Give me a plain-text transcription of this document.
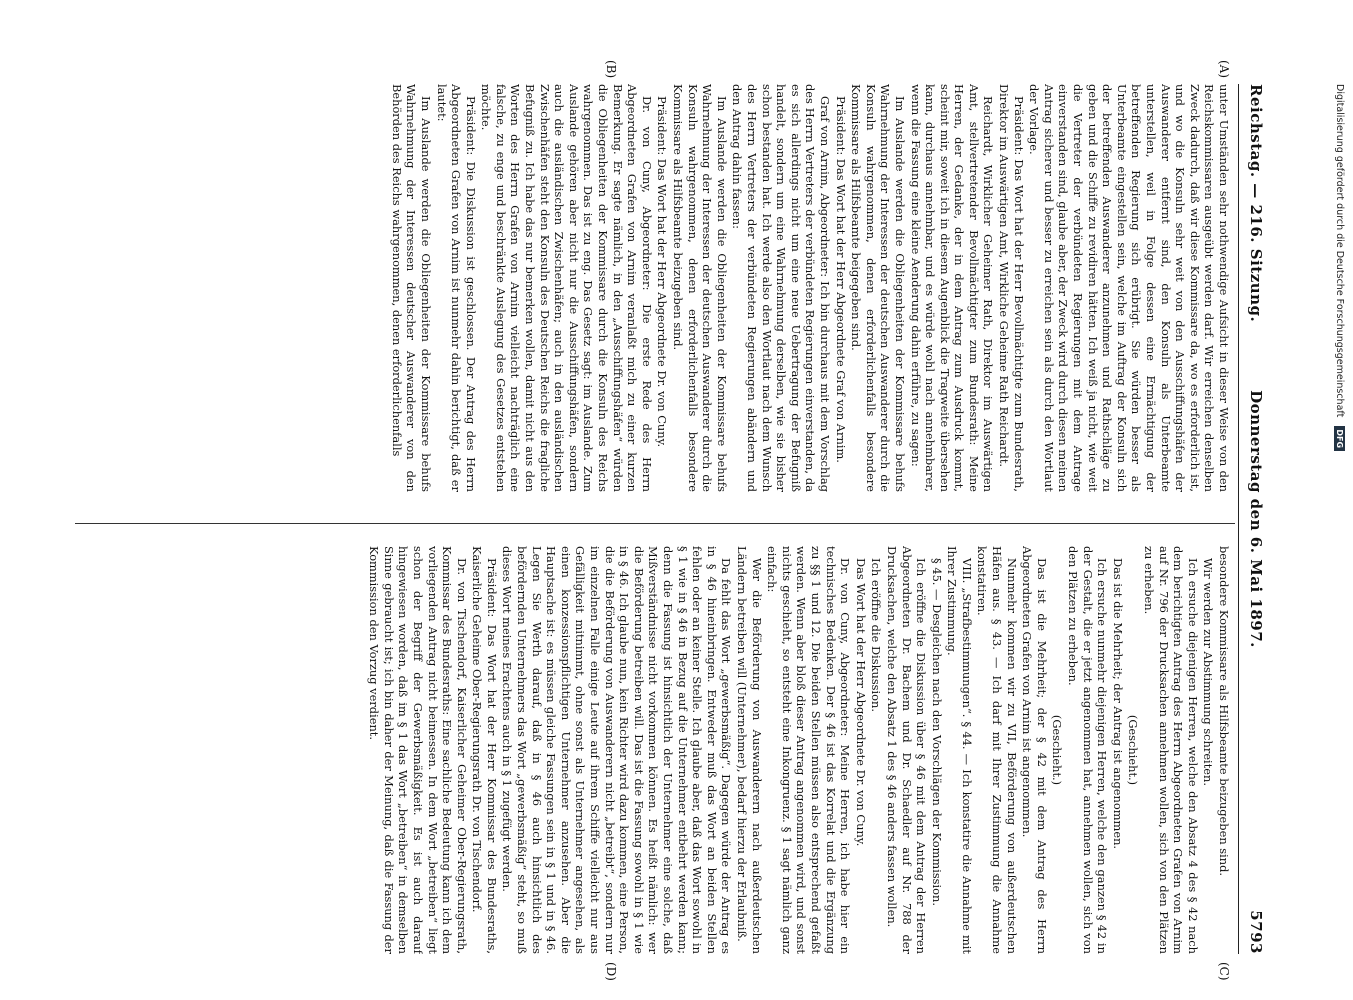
Digitalisierung gefördert durch die Deutsche Forschungsgemeinschaft DFG
Reichstag. — 216. Sitzung.
Donnerstag den 6. Mai 1897.
5793
(A)
(B)
(C)
(D)

unter Umständen sehr nothwendige Aufsicht in dieser Weise von den Reichskommissaren ausgeübt werden darf. Wir erreichen denselben Zweck dadurch, daß wir diese Kommissare da, wo es erforderlich ist, und wo die Konsuln sehr weit von den Ausschiffungshäfen der Auswanderer entfernt sind, den Konsuln als Unterbeamte unterstellen, weil in Folge dessen eine Ermächtigung der betreffenden Regierung sich erübrigt. Sie würden besser als Unterbeamte eingestellen sein, welche im Auftrag der Konsuln sich der betreffenden Auswanderer anzunehmen und Rathschläge zu geben und die Schiffe zu revidiren hätten. Ich weiß ja nicht, wie weit die Vertreter der verbündeten Regierungen mit dem Antrage einverstanden sind, glaube aber, der Zweck wird durch diesen meinen Antrag sicherer und besser zu erreichen sein als durch den Wortlaut der Vorlage.

Präsident: Das Wort hat der Herr Bevollmächtigte zum Bundesrath, Direktor im Auswärtigen Amt, Wirkliche Geheime Rath Reichardt.

Reichardt, Wirklicher Geheimer Rath, Direktor im Auswärtigen Amt, stellvertretender Bevollmächtigter zum Bundesrath: Meine Herren, der Gedanke, der in dem Antrag zum Ausdruck kommt, scheint mir, soweit ich in diesem Augenblick die Tragweite übersehen kann, durchaus annehmbar, und es würde wohl nach annehmbarer, wenn die Fassung eine kleine Aenderung dahin erführe, zu sagen:

Im Auslande werden die Obliegenheiten der Kommissare behufs Wahrnehmung der Interessen der deutschen Auswanderer durch die Konsuln wahrgenommen, denen erforderlichenfalls besondere Kommissare als Hilfsbeamte beigegeben sind.

Präsident: Das Wort hat der Herr Abgeordnete Graf von Arnim.

Graf von Arnim, Abgeordneter: Ich bin durchaus mit dem Vorschlag des Herrn Vertreters der verbündeten Regierungen einverstanden, da es sich allerdings nicht um eine neue Uebertragung der Befugniß handelt, sondern um eine Wahrnehmung derselben, wie sie bisher schon bestanden hat. Ich werde also den Wortlaut nach dem Wunsch des Herrn Vertreters der verbündeten Regierungen abändern und den Antrag dahin fassen:

Im Auslande werden die Obliegenheiten der Kommissare behufs Wahrnehmung der Interessen der deutschen Auswanderer durch die Konsuln wahrgenommen, denen erforderlichenfalls besondere Kommissare als Hilfsbeamte beizugeben sind.

Präsident: Das Wort hat der Herr Abgeordnete Dr. von Cuny.

Dr. von Cuny, Abgeordneter: Die erste Rede des Herrn Abgeordneten Grafen von Arnim veranlaßt mich zu einer kurzen Bemerkung. Er sagte nämlich, in den „Ausschiffungshäfen“ würden die Obliegenheiten der Kommissare durch die Konsuln des Reichs wahrgenommen. Das ist zu eng. Das Gesetz sagt: im Auslande. Zum Auslande gehören aber nicht nur die Ausschiffungshäfen, sondern auch die ausländischen Zwischenhäfen; auch in den ausländischen Zwischenhäfen steht den Konsuln des Deutschen Reichs die fragliche Befugniß zu. Ich habe das nur bemerken wollen, damit nicht aus den Worten des Herrn Grafen von Arnim vielleicht nachträglich eine falsche, zu enge und beschränkte Auslegung des Gesetzes entstehen möchte.

Präsident: Die Diskussion ist geschlossen. Der Antrag des Herrn Abgeordneten Grafen von Arnim ist nunmehr dahin berichtigt, daß er lautet:

Im Auslande werden die Obliegenheiten der Kommissare behufs Wahrnehmung der Interessen deutscher Auswanderer von den Behörden des Reichs wahrgenommen, denen erforderlichenfalls

besondere Kommissare als Hilfsbeamte beizugeben sind.

Wir werden zur Abstimmung schreiten.

Ich ersuche diejenigen Herren, welche den Absatz 4 des § 42 nach dem berichtigten Antrag des Herrn Abgeordneten Grafen von Arnim auf Nr. 796 der Drucksachen annehmen wollen, sich von den Plätzen zu erheben.

(Geschieht.)

Das ist die Mehrheit; der Antrag ist angenommen.

Ich ersuche nunmehr diejenigen Herren, welche den ganzen § 42 in der Gestalt, die er jetzt angenommen hat, annehmen wollen, sich von den Plätzen zu erheben.

(Geschieht.)

Das ist die Mehrheit; der § 42 mit dem Antrag des Herrn Abgeordneten Grafen von Arnim ist angenommen.

Nunmehr kommen wir zu VII, Beförderung von außerdeutschen Häfen aus. § 43. — Ich darf mit Ihrer Zustimmung die Annahme konstatiren.

VIII. „Strafbestimmungen“. § 44. — Ich konstatire die Annahme mit Ihrer Zustimmung.

§ 45. — Desgleichen nach den Vorschlägen der Kommission.

Ich eröffne die Diskussion über § 46 mit dem Antrag der Herren Abgeordneten Dr. Bachem und Dr. Schaedler auf Nr. 788 der Drucksachen, welche den Absatz 1 des § 46 anders fassen wollen.

Ich eröffne die Diskussion.

Das Wort hat der Herr Abgeordnete Dr. von Cuny.

Dr. von Cuny, Abgeordneter: Meine Herren, ich habe hier ein technisches Bedenken. Der § 46 ist das Korrelat und die Ergänzung zu §§ 1 und 12. Die beiden Stellen müssen also entsprechend gefaßt werden. Wenn aber bloß dieser Antrag angenommen wird, und sonst nichts geschieht, so entsteht eine Inkongruenz. § 1 sagt nämlich ganz einfach:

Wer die Beförderung von Auswanderern nach außerdeutschen Ländern betreiben will (Unternehmer), bedarf hierzu der Erlaubniß.

Da fehlt das Wort „gewerbsmäßig“. Dagegen würde der Antrag es in § 46 hineinbringen. Entweder muß das Wort an beiden Stellen fehlen oder an keiner Stelle. Ich glaube aber, daß das Wort sowohl in § 1 wie in § 46 in Bezug auf die Unternehmer entbehrt werden kann; denn die Fassung ist hinsichtlich der Unternehmer eine solche, daß Mißverständnisse nicht vorkommen können. Es heißt nämlich: wer die Beförderung betreiben will. Das ist die Fassung sowohl in § 1 wie in § 46. Ich glaube nun, kein Richter wird dazu kommen, eine Person, die die Beförderung von Auswanderern nicht „betreibt“, sondern nur im einzelnen Falle einige Leute auf ihrem Schiffe vielleicht nur aus Gefälligkeit mitnimmt, ohne sonst als Unternehmer angesehen, als einen konzessionspflichtigen Unternehmer anzusehen. Aber die Hauptsache ist: es müssen gleiche Fassungen sein in § 1 und in § 46. Legen Sie Werth darauf, daß in § 46 auch hinsichtlich des befördernden Unternehmers das Wort „gewerbsmäßig“ steht, so muß dieses Wort meines Erachtens auch in § 1 zugefügt werden.

Präsident: Das Wort hat der Herr Kommissar des Bundesraths, Kaiserliche Geheime Ober-Regierungsrath Dr. von Tischendorf.

Dr. von Tischendorf, Kaiserlicher Geheimer Ober-Regierungsrath, Kommissar des Bundesraths: Eine sachliche Bedeutung kann ich dem vorliegenden Antrag nicht beimessen. In dem Wort „betreiben“ liegt schon der Begriff der Gewerbsmäßigkeit. Es ist auch darauf hingewiesen worden, daß im § 1 das Wort „betreiben“ in demselben Sinne gebraucht ist; ich bin daher der Meinung, daß die Fassung der Kommission den Vorzug verdient.
